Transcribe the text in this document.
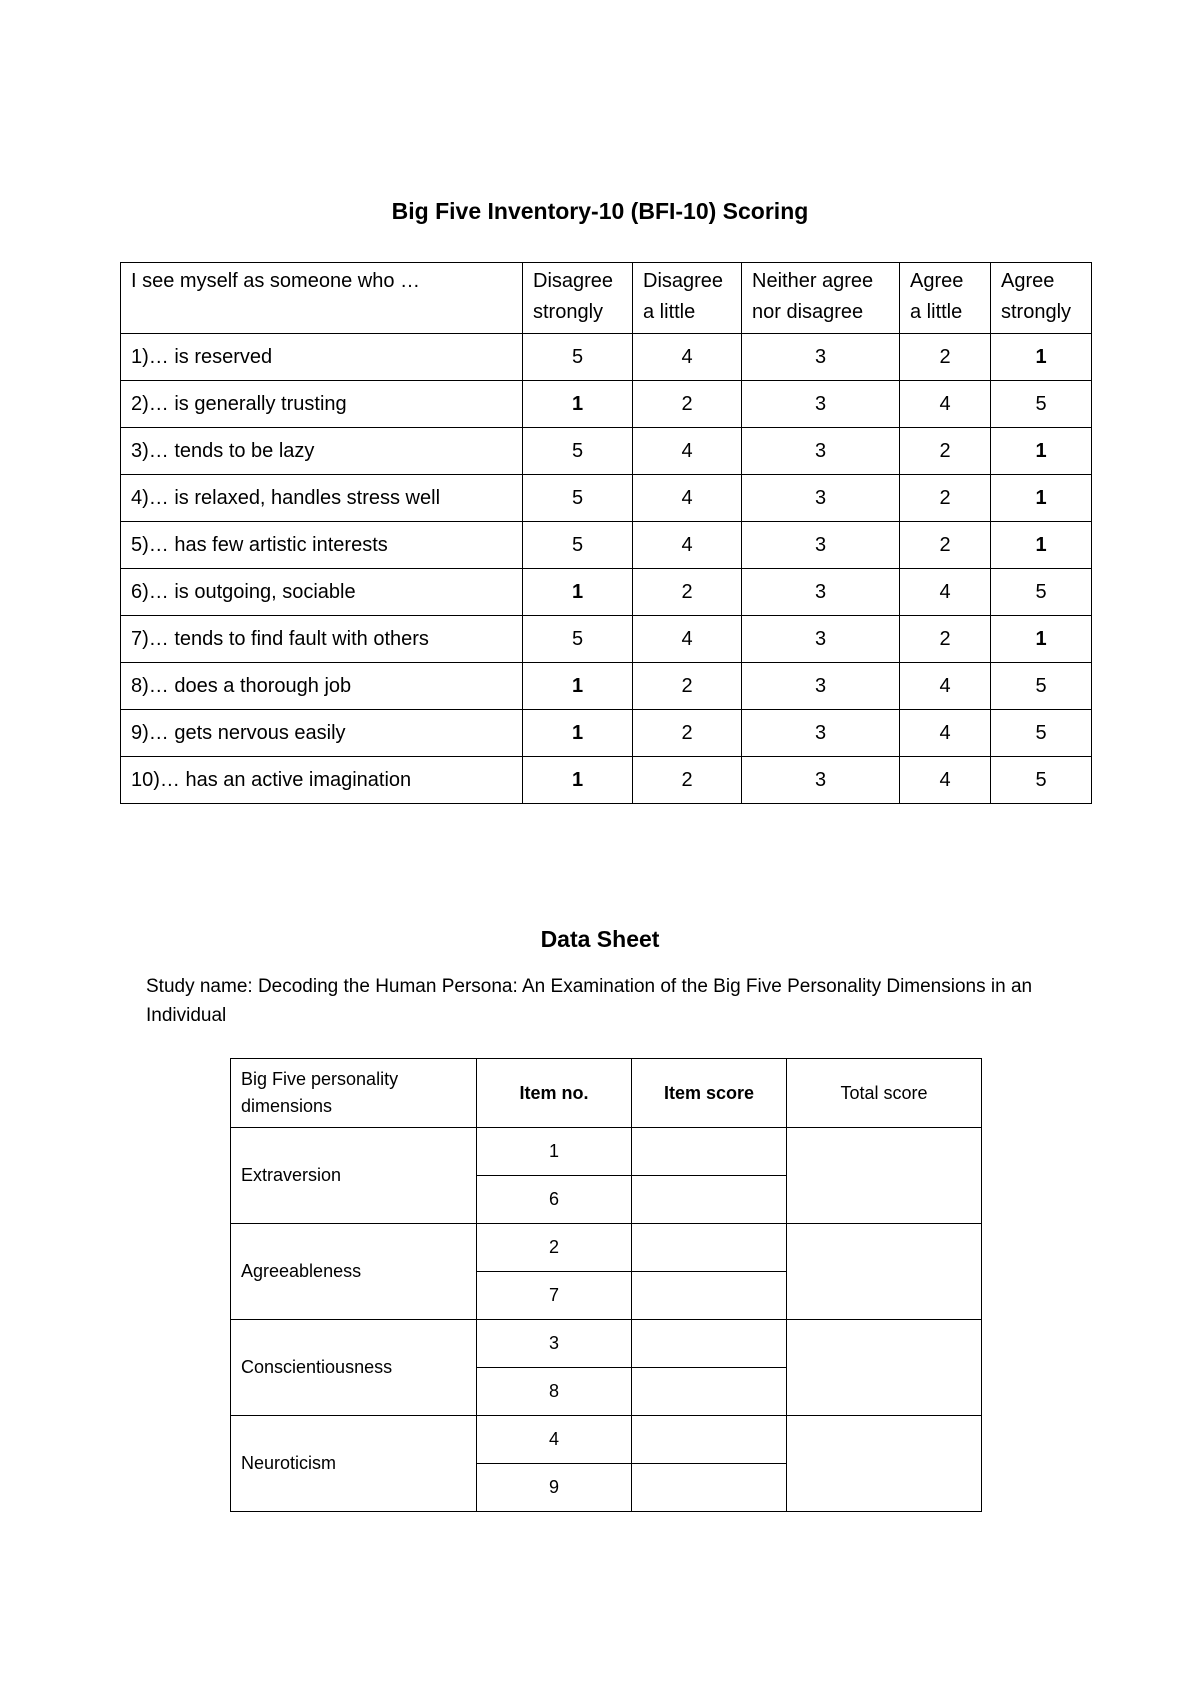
Big Five Inventory-10 (BFI-10) Scoring
I see myself as someone who …	Disagree strongly	Disagree a little	Neither agree nor disagree	Agree a little	Agree strongly
1)… is reserved	5	4	3	2	1
2)… is generally trusting	1	2	3	4	5
3)… tends to be lazy	5	4	3	2	1
4)… is relaxed, handles stress well	5	4	3	2	1
5)… has few artistic interests	5	4	3	2	1
6)… is outgoing, sociable	1	2	3	4	5
7)… tends to find fault with others	5	4	3	2	1
8)… does a thorough job	1	2	3	4	5
9)… gets nervous easily	1	2	3	4	5
10)… has an active imagination	1	2	3	4	5
Data Sheet
Study name: Decoding the Human Persona: An Examination of the Big Five Personality Dimensions in an Individual
Big Five personality dimensions	Item no.	Item score	Total score
Extraversion	1		
	6		
Agreeableness	2		
	7		
Conscientiousness	3		
	8		
Neuroticism	4		
	9		
